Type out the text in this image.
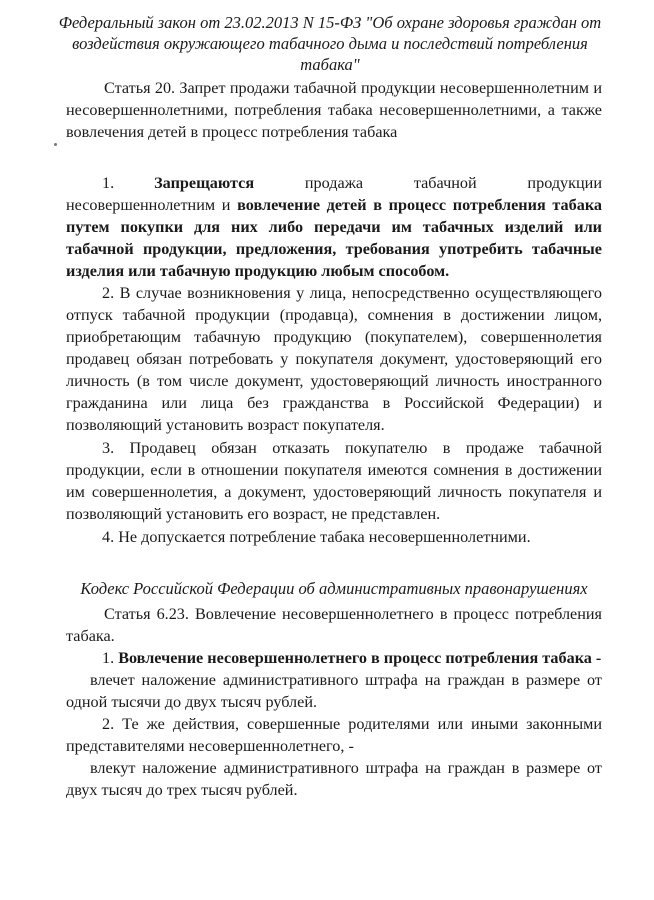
Федеральный закон от 23.02.2013 N 15-ФЗ "Об охране здоровья граждан от воздействия окружающего табачного дыма и последствий потребления табака"

Статья 20. Запрет продажи табачной продукции несовершеннолетним и несовершеннолетними, потребления табака несовершеннолетними, а также вовлечения детей в процесс потребления табака

1. Запрещаются продажа табачной продукции несовершеннолетним и вовлечение детей в процесс потребления табака путем покупки для них либо передачи им табачных изделий или табачной продукции, предложения, требования употребить табачные изделия или табачную продукцию любым способом.

2. В случае возникновения у лица, непосредственно осуществляющего отпуск табачной продукции (продавца), сомнения в достижении лицом, приобретающим табачную продукцию (покупателем), совершеннолетия продавец обязан потребовать у покупателя документ, удостоверяющий его личность (в том числе документ, удостоверяющий личность иностранного гражданина или лица без гражданства в Российской Федерации) и позволяющий установить возраст покупателя.

3. Продавец обязан отказать покупателю в продаже табачной продукции, если в отношении покупателя имеются сомнения в достижении им совершеннолетия, а документ, удостоверяющий личность покупателя и позволяющий установить его возраст, не представлен.

4. Не допускается потребление табака несовершеннолетними.

Кодекс Российской Федерации об административных правонарушениях

Статья 6.23. Вовлечение несовершеннолетнего в процесс потребления табака.

1. Вовлечение несовершеннолетнего в процесс потребления табака -

влечет наложение административного штрафа на граждан в размере от одной тысячи до двух тысяч рублей.

2. Те же действия, совершенные родителями или иными законными представителями несовершеннолетнего, -

влекут наложение административного штрафа на граждан в размере от двух тысяч до трех тысяч рублей.
